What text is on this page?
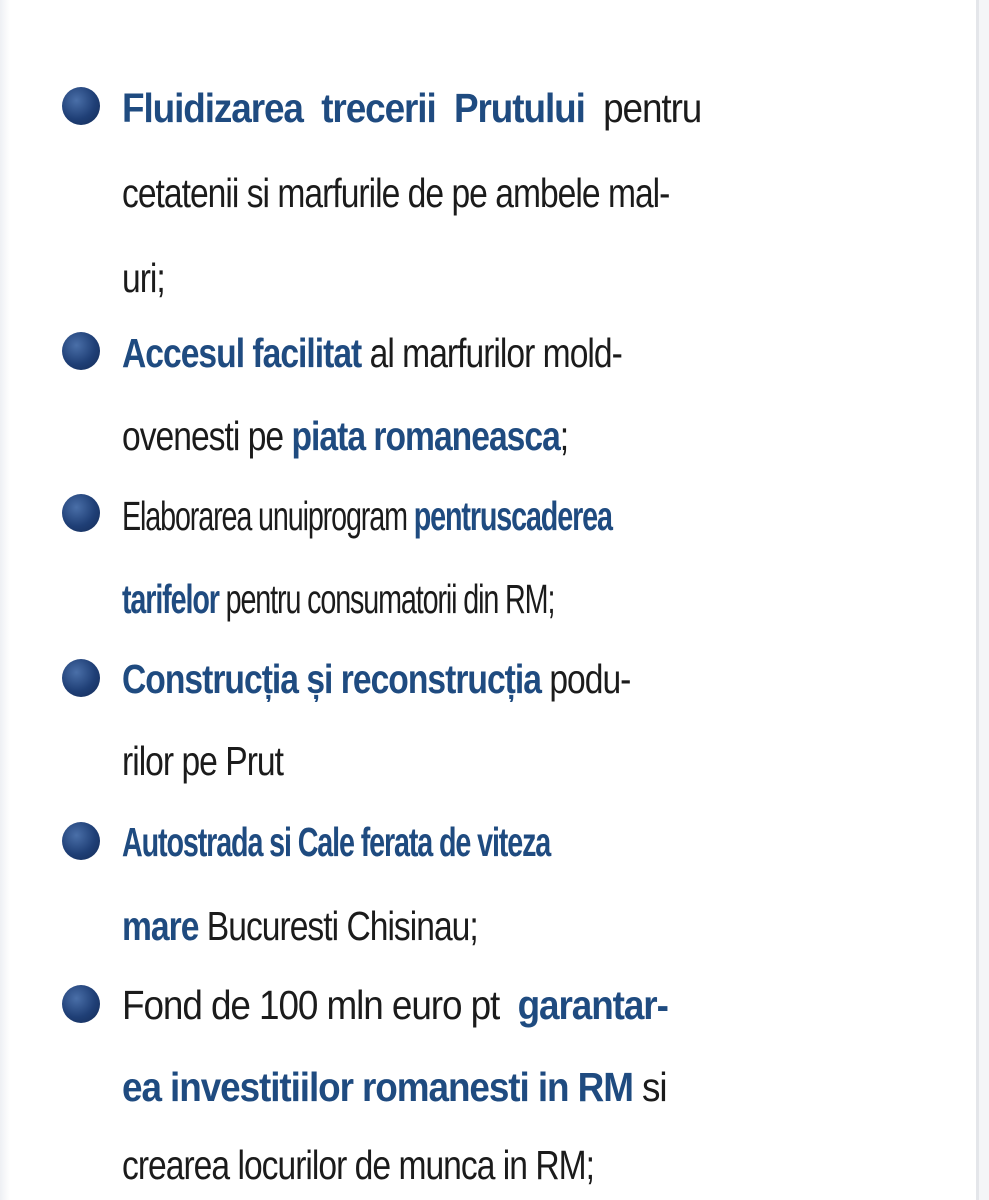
Fluidizarea  trecerii  Prutului  pentru
cetatenii si marfurile de pe ambele mal-
uri;
Accesul facilitat al marfurilor mold-
ovenesti pe piata romaneasca;
Elaborarea unuiprogram pentruscaderea
tarifelor pentru consumatorii din RM;
Construcția și reconstrucția podu-
rilor pe Prut
Autostrada si Cale ferata de viteza
mare Bucuresti Chisinau;
Fond de 100 mln euro pt  garantar-
ea investitiilor romanesti in RM si
crearea locurilor de munca in RM;
